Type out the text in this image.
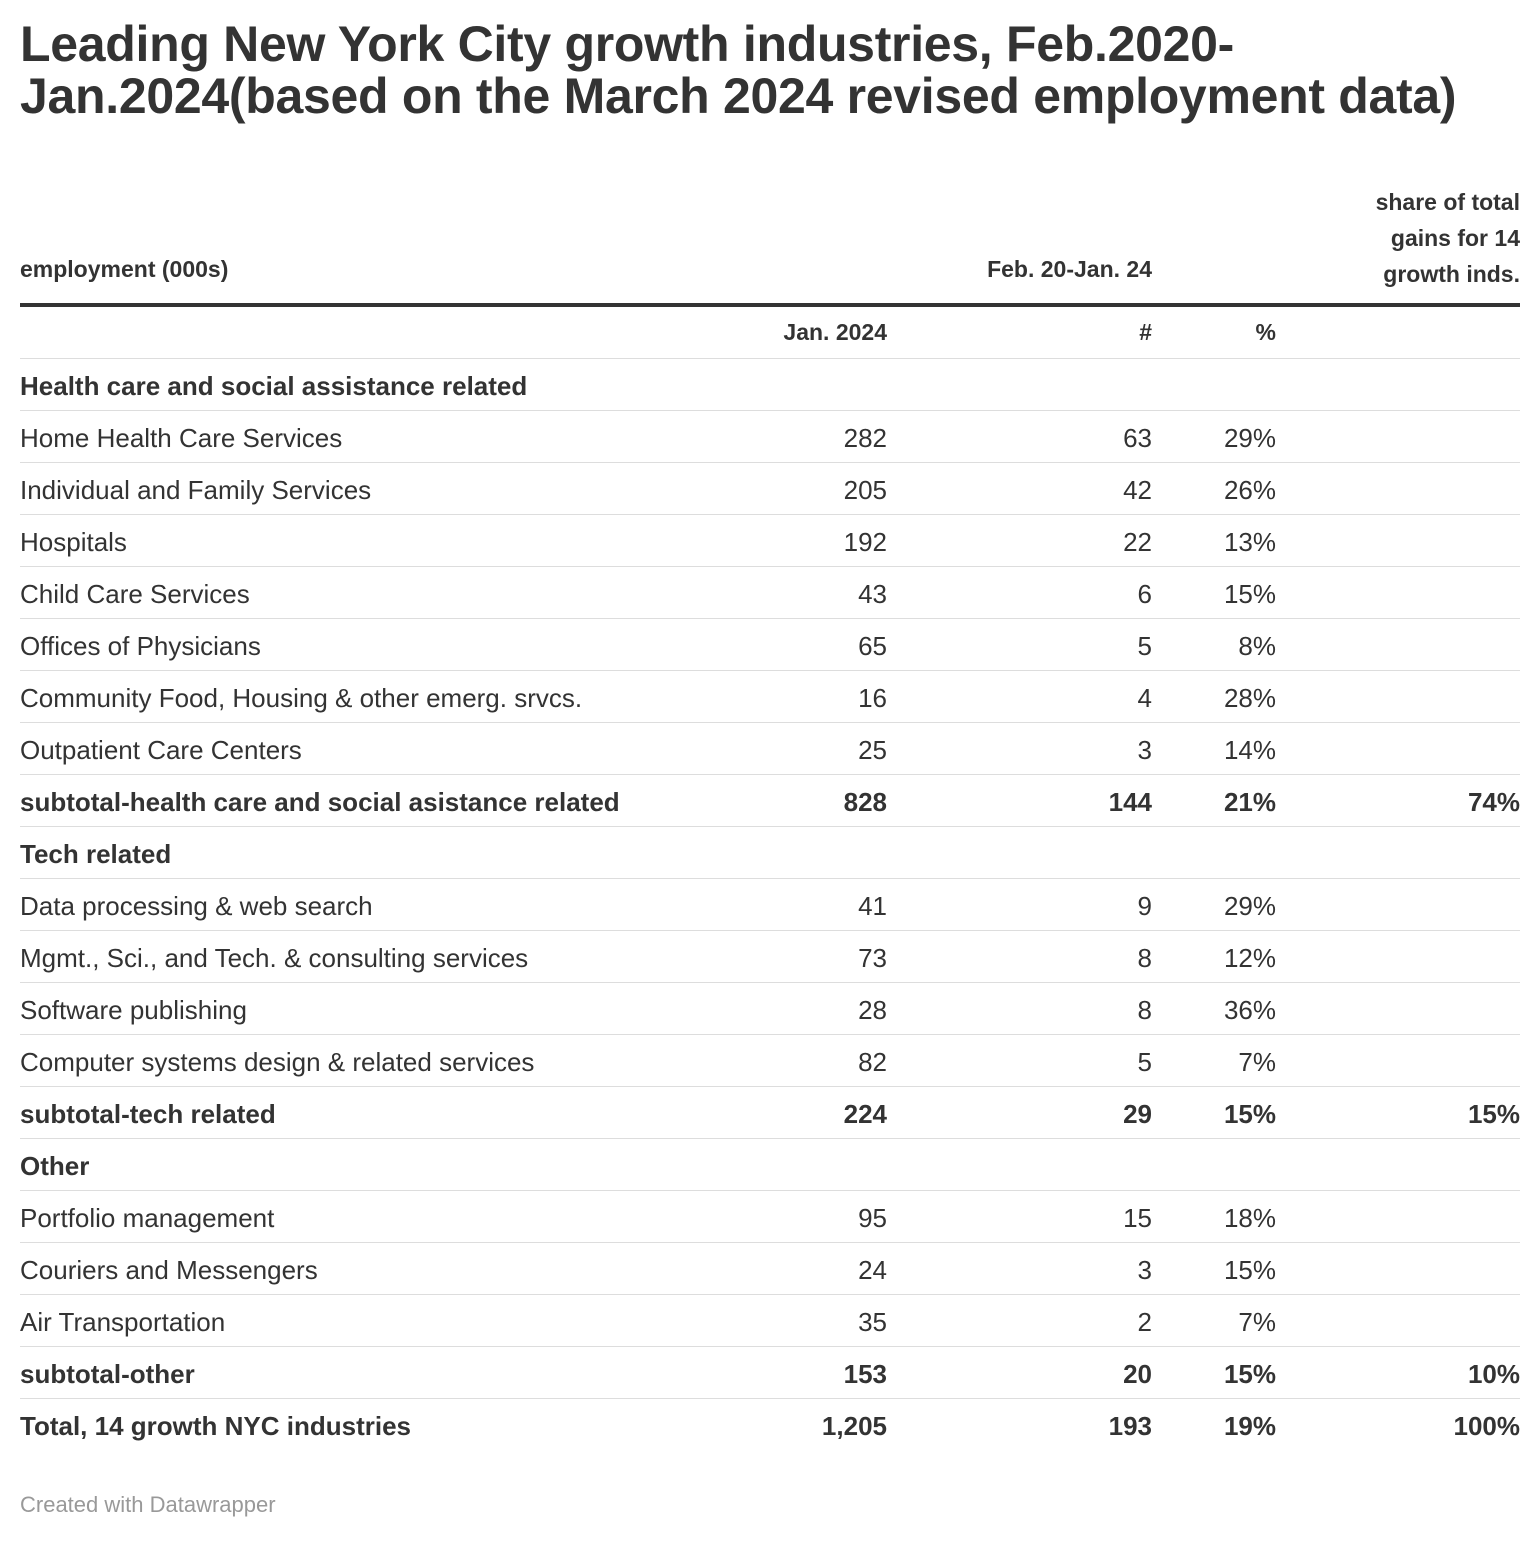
Leading New York City growth industries, Feb.2020-Jan.2024(based on the March 2024 revised employment data)
employment (000s)	Feb. 20-Jan. 24
share of total
gains for 14
growth inds.
Jan. 2024	#	%
Health care and social assistance related
Home Health Care Services	282	63	29%
Individual and Family Services	205	42	26%
Hospitals	192	22	13%
Child Care Services	43	6	15%
Offices of Physicians	65	5	8%
Community Food, Housing & other emerg. srvcs.	16	4	28%
Outpatient Care Centers	25	3	14%
subtotal-health care and social asistance related	828	144	21%	74%
Tech related
Data processing & web search	41	9	29%
Mgmt., Sci., and Tech. & consulting services	73	8	12%
Software publishing	28	8	36%
Computer systems design & related services	82	5	7%
subtotal-tech related	224	29	15%	15%
Other
Portfolio management	95	15	18%
Couriers and Messengers	24	3	15%
Air Transportation	35	2	7%
subtotal-other	153	20	15%	10%
Total, 14 growth NYC industries	1,205	193	19%	100%
Created with Datawrapper
